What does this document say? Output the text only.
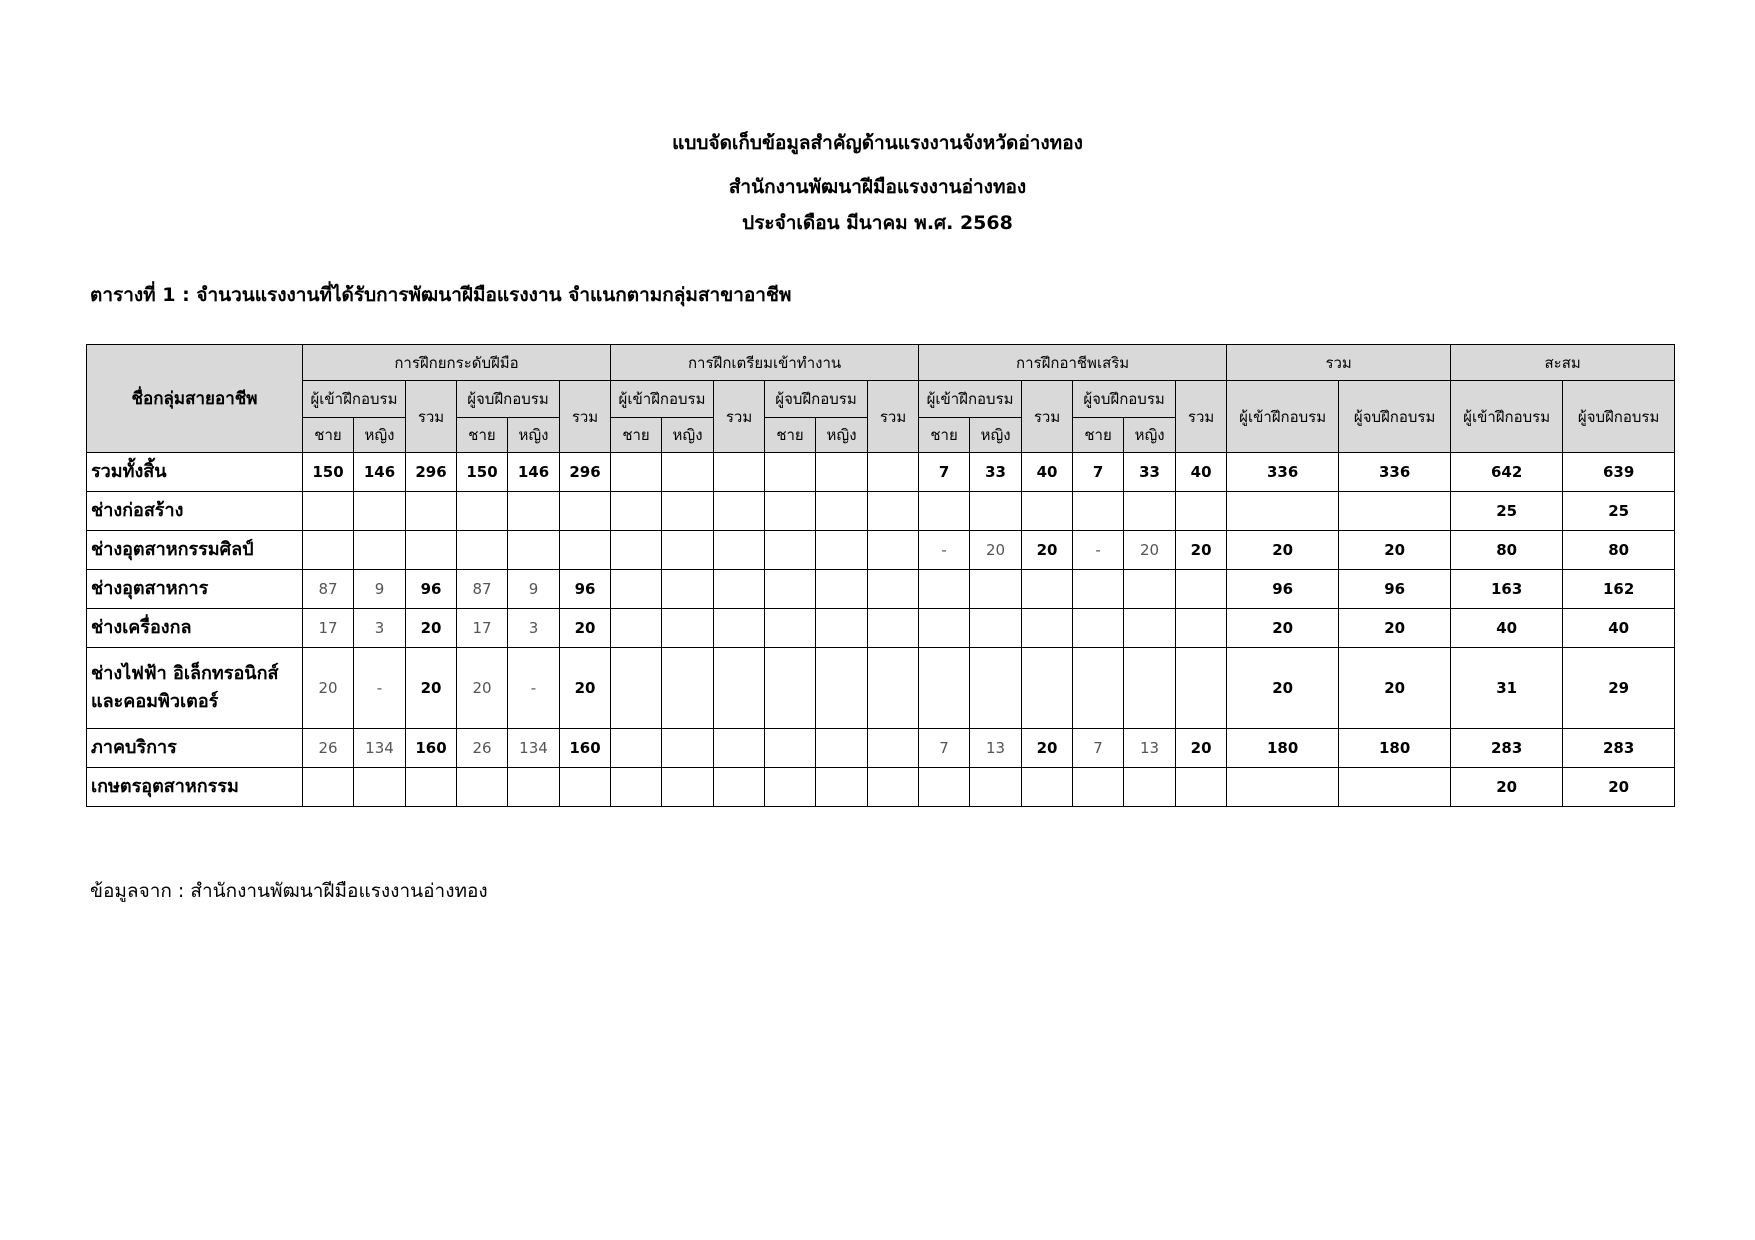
แบบจัดเก็บข้อมูลสำคัญด้านแรงงานจังหวัดอ่างทอง
สำนักงานพัฒนาฝีมือแรงงานอ่างทอง
ประจำเดือน มีนาคม พ.ศ. 2568
ตารางที่ 1 : จำนวนแรงงานที่ได้รับการพัฒนาฝีมือแรงงาน จำแนกตามกลุ่มสาขาอาชีพ
ชื่อกลุ่มสายอาชีพ	การฝึกยกระดับฝีมือ						การฝึกเตรียมเข้าทำงาน						การฝึกอาชีพเสริม						รวม		สะสม	
	ผู้เข้าฝึกอบรม		รวม	ผู้จบฝึกอบรม		รวม	ผู้เข้าฝึกอบรม		รวม	ผู้จบฝึกอบรม		รวม	ผู้เข้าฝึกอบรม		รวม	ผู้จบฝึกอบรม		รวม	ผู้เข้าฝึกอบรม	ผู้จบฝึกอบรม	ผู้เข้าฝึกอบรม	ผู้จบฝึกอบรม
	ชาย	หญิง		ชาย	หญิง		ชาย	หญิง		ชาย	หญิง		ชาย	หญิง		ชาย	หญิง					
รวมทั้งสิ้น	150	146	296	150	146	296							7	33	40	7	33	40	336	336	642	639
ช่างก่อสร้าง																					25	25
ช่างอุตสาหกรรมศิลป์													-	20	20	-	20	20	20	20	80	80
ช่างอุตสาหการ	87	9	96	87	9	96													96	96	163	162
ช่างเครื่องกล	17	3	20	17	3	20													20	20	40	40
ช่างไฟฟ้า อิเล็กทรอนิกส์ และคอมพิวเตอร์	20	-	20	20	-	20													20	20	31	29
ภาคบริการ	26	134	160	26	134	160							7	13	20	7	13	20	180	180	283	283
เกษตรอุตสาหกรรม																					20	20
ข้อมูลจาก : สำนักงานพัฒนาฝีมือแรงงานอ่างทอง
